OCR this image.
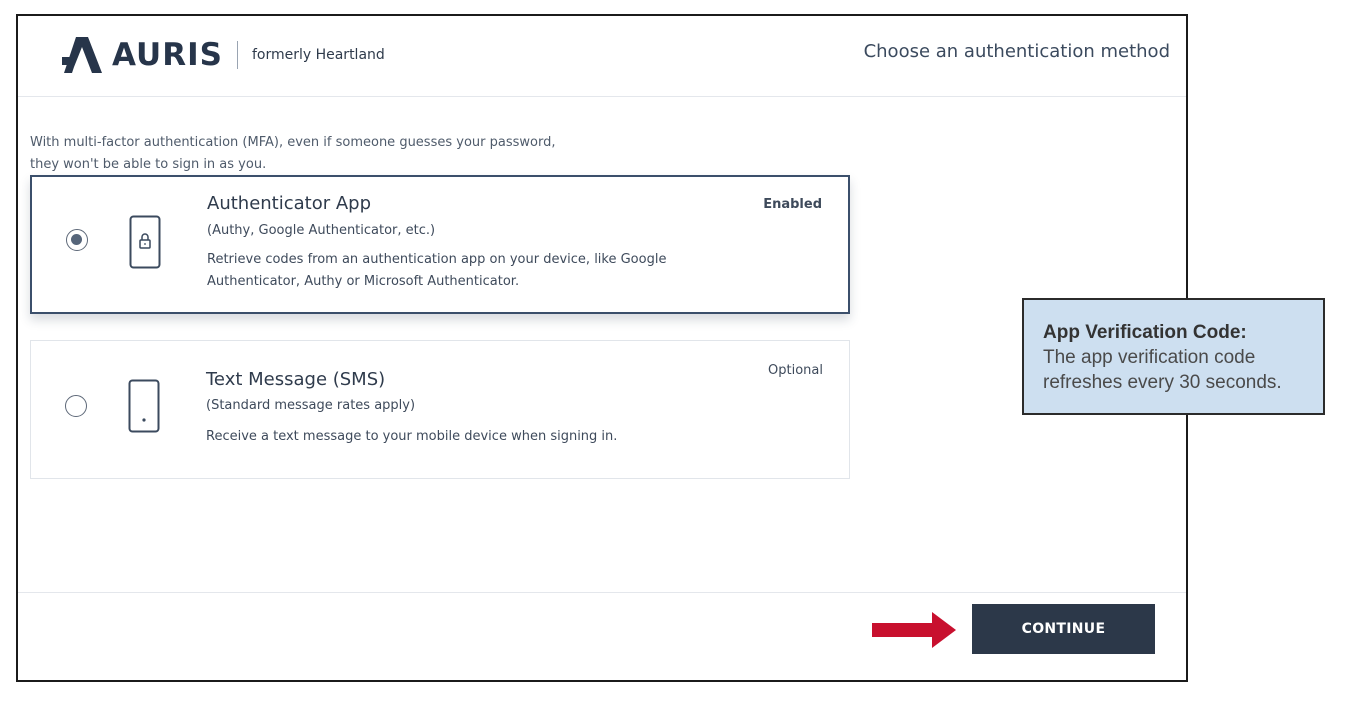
AURIS formerly Heartland	Choose an authentication method
With multi-factor authentication (MFA), even if someone guesses your password,
they won't be able to sign in as you.
Authenticator App
(Authy, Google Authenticator, etc.)
Retrieve codes from an authentication app on your device, like Google
Authenticator, Authy or Microsoft Authenticator.
Enabled
Text Message (SMS)
(Standard message rates apply)
Receive a text message to your mobile device when signing in.
Optional
CONTINUE
App Verification Code:
The app verification code
refreshes every 30 seconds.
